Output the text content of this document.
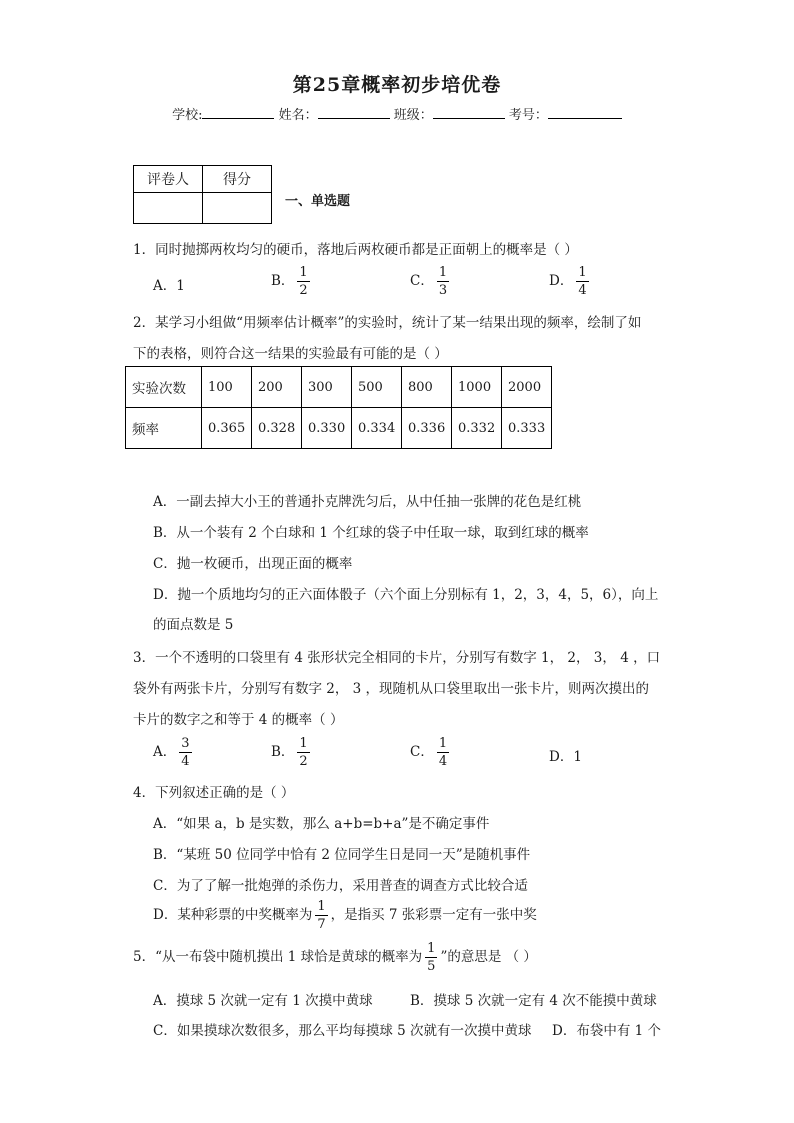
第25章概率初步培优卷
学校:	姓名：	班级：	考号：
评卷人	得分

一、单选题
1．同时抛掷两枚均匀的硬币，落地后两枚硬币都是正面朝上的概率是（ ）
A．1	B． $\frac{1}{2}$	C． $\frac{1}{3}$	D． $\frac{1}{4}$
2．某学习小组做“用频率估计概率”的实验时，统计了某一结果出现的频率，绘制了如
下的表格，则符合这一结果的实验最有可能的是（ ）
实验次数	100	200	300	500	800	1000	2000
频率	0.365	0.328	0.330	0.334	0.336	0.332	0.333
A．一副去掉大小王的普通扑克牌洗匀后，从中任抽一张牌的花色是红桃
B．从一个装有 2 个白球和 1 个红球的袋子中任取一球，取到红球的概率
C．抛一枚硬币，出现正面的概率
D．抛一个质地均匀的正六面体骰子（六个面上分别标有 1，2，3，4，5，6），向上
的面点数是 5
3．一个不透明的口袋里有 4 张形状完全相同的卡片，分别写有数字 1， 2， 3， 4 ，口
袋外有两张卡片，分别写有数字 2， 3 ，现随机从口袋里取出一张卡片，则两次摸出的
卡片的数字之和等于 4 的概率（ ）
A． $\frac{3}{4}$	B． $\frac{1}{2}$	C． $\frac{1}{4}$	D．1
4．下列叙述正确的是（ ）
A．“如果 a，b 是实数，那么 a+b=b+a”是不确定事件
B．“某班 50 位同学中恰有 2 位同学生日是同一天”是随机事件
C．为了了解一批炮弹的杀伤力，采用普查的调查方式比较合适
D．某种彩票的中奖概率为 $\frac{1}{7}$ ，是指买 7 张彩票一定有一张中奖
5．“从一布袋中随机摸出 1 球恰是黄球的概率为 $\frac{1}{5}$ ”的意思是 （ ）
A．摸球 5 次就一定有 1 次摸中黄球	B．摸球 5 次就一定有 4 次不能摸中黄球
C．如果摸球次数很多，那么平均每摸球 5 次就有一次摸中黄球 D．布袋中有 1 个
